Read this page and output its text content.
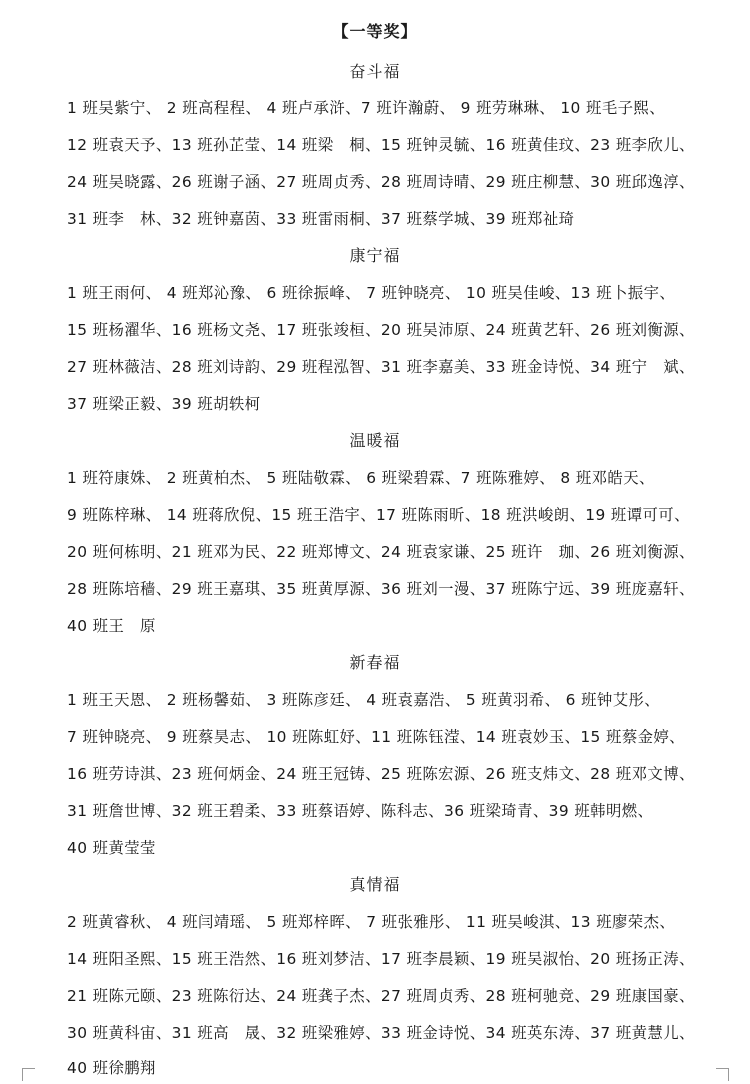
【一等奖】
奋斗福
1 班吴紫宁、 2 班高程程、 4 班卢承浒、7 班许瀚蔚、 9 班劳琳琳、 10 班毛子熙、
12 班袁天予、13 班孙芷莹、14 班梁　桐、15 班钟灵毓、16 班黄佳玟、23 班李欣儿、
24 班吴晓露、26 班谢子涵、27 班周贞秀、28 班周诗晴、29 班庄柳慧、30 班邱逸淳、
31 班李　林、32 班钟嘉茵、33 班雷雨桐、37 班蔡学城、39 班郑祉琦
康宁福
1 班王雨何、 4 班郑沁豫、 6 班徐振峰、 7 班钟晓亮、 10 班吴佳峻、13 班卜振宇、
15 班杨濯华、16 班杨文尧、17 班张竣桓、20 班吴沛原、24 班黄艺轩、26 班刘衡源、
27 班林薇洁、28 班刘诗韵、29 班程泓智、31 班李嘉美、33 班金诗悦、34 班宁　斌、
37 班梁正毅、39 班胡轶柯
温暖福
1 班符康姝、 2 班黄柏杰、 5 班陆敬霖、 6 班梁碧霖、7 班陈雅婷、 8 班邓皓天、
9 班陈梓琳、 14 班蒋欣倪、15 班王浩宇、17 班陈雨昕、18 班洪峻朗、19 班谭可可、
20 班何栋明、21 班邓为民、22 班郑博文、24 班袁家谦、25 班许　珈、26 班刘衡源、
28 班陈培穑、29 班王嘉琪、35 班黄厚源、36 班刘一漫、37 班陈宁远、39 班庞嘉轩、
40 班王　原
新春福
1 班王天恩、 2 班杨馨茹、 3 班陈彦廷、 4 班袁嘉浩、 5 班黄羽希、 6 班钟艾彤、
7 班钟晓亮、 9 班蔡昊志、 10 班陈虹妤、11 班陈钰滢、14 班袁妙玉、15 班蔡金婷、
16 班劳诗淇、23 班何炳金、24 班王冠铸、25 班陈宏源、26 班支炜文、28 班邓文博、
31 班詹世博、32 班王碧柔、33 班蔡语婷、陈科志、36 班梁琦青、39 班韩明燃、
40 班黄莹莹
真情福
2 班黄睿秋、 4 班闫靖瑶、 5 班郑梓晖、 7 班张雅彤、 11 班吴峻淇、13 班廖荣杰、
14 班阳圣熙、15 班王浩然、16 班刘梦洁、17 班李晨颖、19 班吴淑怡、20 班扬正涛、
21 班陈元颐、23 班陈衍达、24 班龚子杰、27 班周贞秀、28 班柯驰竞、29 班康国豪、
30 班黄科宙、31 班高　晟、32 班梁雅婷、33 班金诗悦、34 班英东涛、37 班黄慧儿、
40 班徐鹏翔
